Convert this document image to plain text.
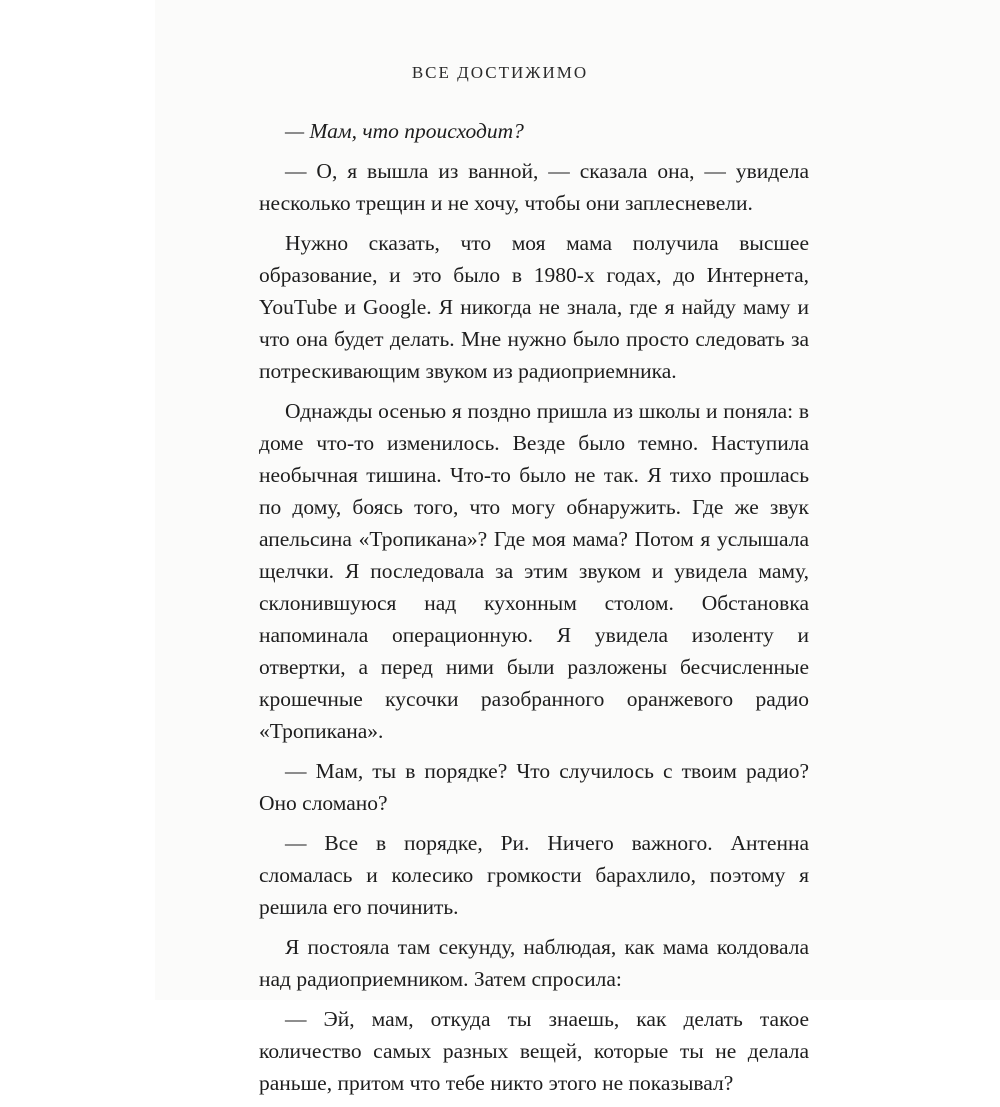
ВСЕ ДОСТИЖИМО

— Мам, что происходит?

— О, я вышла из ванной, — сказала она, — увидела несколько трещин и не хочу, чтобы они заплесневели.

Нужно сказать, что моя мама получила высшее образование, и это было в 1980-х годах, до Интернета, YouTube и Google. Я никогда не знала, где я найду маму и что она будет делать. Мне нужно было просто следовать за потрескивающим звуком из радиоприемника.

Однажды осенью я поздно пришла из школы и поняла: в доме что-то изменилось. Везде было темно. Наступила необычная тишина. Что-то было не так. Я тихо прошлась по дому, боясь того, что могу обнаружить. Где же звук апельсина «Тропикана»? Где моя мама? Потом я услышала щелчки. Я последовала за этим звуком и увидела маму, склонившуюся над кухонным столом. Обстановка напоминала операционную. Я увидела изоленту и отвертки, а перед ними были разложены бесчисленные крошечные кусочки разобранного оранжевого радио «Тропикана».

— Мам, ты в порядке? Что случилось с твоим радио? Оно сломано?

— Все в порядке, Ри. Ничего важного. Антенна сломалась и колесико громкости барахлило, поэтому я решила его починить.

Я постояла там секунду, наблюдая, как мама колдовала над радиоприемником. Затем спросила:

— Эй, мам, откуда ты знаешь, как делать такое количество самых разных вещей, которые ты не делала раньше, притом что тебе никто этого не показывал?
